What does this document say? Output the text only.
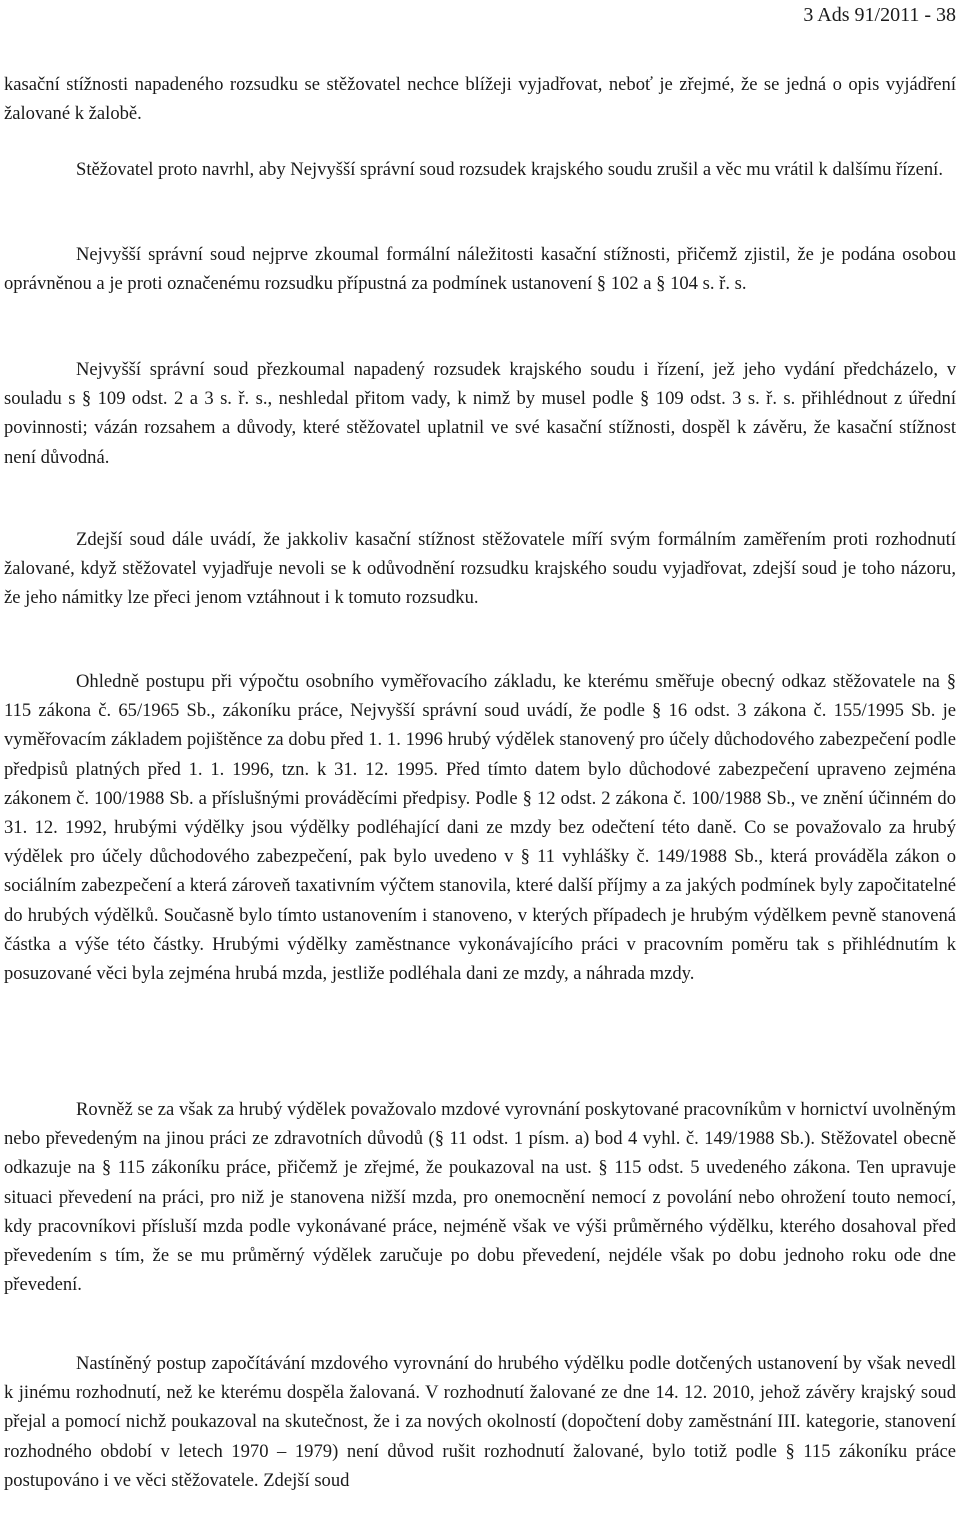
3 Ads 91/2011 - 38

kasační stížnosti napadeného rozsudku se stěžovatel nechce blížeji vyjadřovat, neboť je zřejmé, že se jedná o opis vyjádření žalované k žalobě.

Stěžovatel proto navrhl, aby Nejvyšší správní soud rozsudek krajského soudu zrušil a věc mu vrátil k dalšímu řízení.

Nejvyšší správní soud nejprve zkoumal formální náležitosti kasační stížnosti, přičemž zjistil, že je podána osobou oprávněnou a je proti označenému rozsudku přípustná za podmínek ustanovení § 102 a § 104 s. ř. s.

Nejvyšší správní soud přezkoumal napadený rozsudek krajského soudu i řízení, jež jeho vydání předcházelo, v souladu s § 109 odst. 2 a 3 s. ř. s., neshledal přitom vady, k nimž by musel podle § 109 odst. 3 s. ř. s. přihlédnout z úřední povinnosti; vázán rozsahem a důvody, které stěžovatel uplatnil ve své kasační stížnosti, dospěl k závěru, že kasační stížnost není důvodná.

Zdejší soud dále uvádí, že jakkoliv kasační stížnost stěžovatele míří svým formálním zaměřením proti rozhodnutí žalované, když stěžovatel vyjadřuje nevoli se k odůvodnění rozsudku krajského soudu vyjadřovat, zdejší soud je toho názoru, že jeho námitky lze přeci jenom vztáhnout i k tomuto rozsudku.

Ohledně postupu při výpočtu osobního vyměřovacího základu, ke kterému směřuje obecný odkaz stěžovatele na § 115 zákona č. 65/1965 Sb., zákoníku práce, Nejvyšší správní soud uvádí, že podle § 16 odst. 3 zákona č. 155/1995 Sb. je vyměřovacím základem pojištěnce za dobu před 1. 1. 1996 hrubý výdělek stanovený pro účely důchodového zabezpečení podle předpisů platných před 1. 1. 1996, tzn. k 31. 12. 1995. Před tímto datem bylo důchodové zabezpečení upraveno zejména zákonem č. 100/1988 Sb. a příslušnými prováděcími předpisy. Podle § 12 odst. 2 zákona č. 100/1988 Sb., ve znění účinném do 31. 12. 1992, hrubými výdělky jsou výdělky podléhající dani ze mzdy bez odečtení této daně. Co se považovalo za hrubý výdělek pro účely důchodového zabezpečení, pak bylo uvedeno v § 11 vyhlášky č. 149/1988 Sb., která prováděla zákon o sociálním zabezpečení a která zároveň taxativním výčtem stanovila, které další příjmy a za jakých podmínek byly započitatelné do hrubých výdělků. Současně bylo tímto ustanovením i stanoveno, v kterých případech je hrubým výdělkem pevně stanovená částka a výše této částky. Hrubými výdělky zaměstnance vykonávajícího práci v pracovním poměru tak s přihlédnutím k posuzované věci byla zejména hrubá mzda, jestliže podléhala dani ze mzdy, a náhrada mzdy.

Rovněž se za však za hrubý výdělek považovalo mzdové vyrovnání poskytované pracovníkům v hornictví uvolněným nebo převedeným na jinou práci ze zdravotních důvodů (§ 11 odst. 1 písm. a) bod 4 vyhl. č. 149/1988 Sb.). Stěžovatel obecně odkazuje na § 115 zákoníku práce, přičemž je zřejmé, že poukazoval na ust. § 115 odst. 5 uvedeného zákona. Ten upravuje situaci převedení na práci, pro niž je stanovena nižší mzda, pro onemocnění nemocí z povolání nebo ohrožení touto nemocí, kdy pracovníkovi přísluší mzda podle vykonávané práce, nejméně však ve výši průměrného výdělku, kterého dosahoval před převedením s tím, že se mu průměrný výdělek zaručuje po dobu převedení, nejdéle však po dobu jednoho roku ode dne převedení.

Nastíněný postup započítávání mzdového vyrovnání do hrubého výdělku podle dotčených ustanovení by však nevedl k jinému rozhodnutí, než ke kterému dospěla žalovaná. V rozhodnutí žalované ze dne 14. 12. 2010, jehož závěry krajský soud přejal a pomocí nichž poukazoval na skutečnost, že i za nových okolností (dopočtení doby zaměstnání III. kategorie, stanovení rozhodného období v letech 1970 – 1979) není důvod rušit rozhodnutí žalované, bylo totiž podle § 115 zákoníku práce postupováno i ve věci stěžovatele. Zdejší soud
